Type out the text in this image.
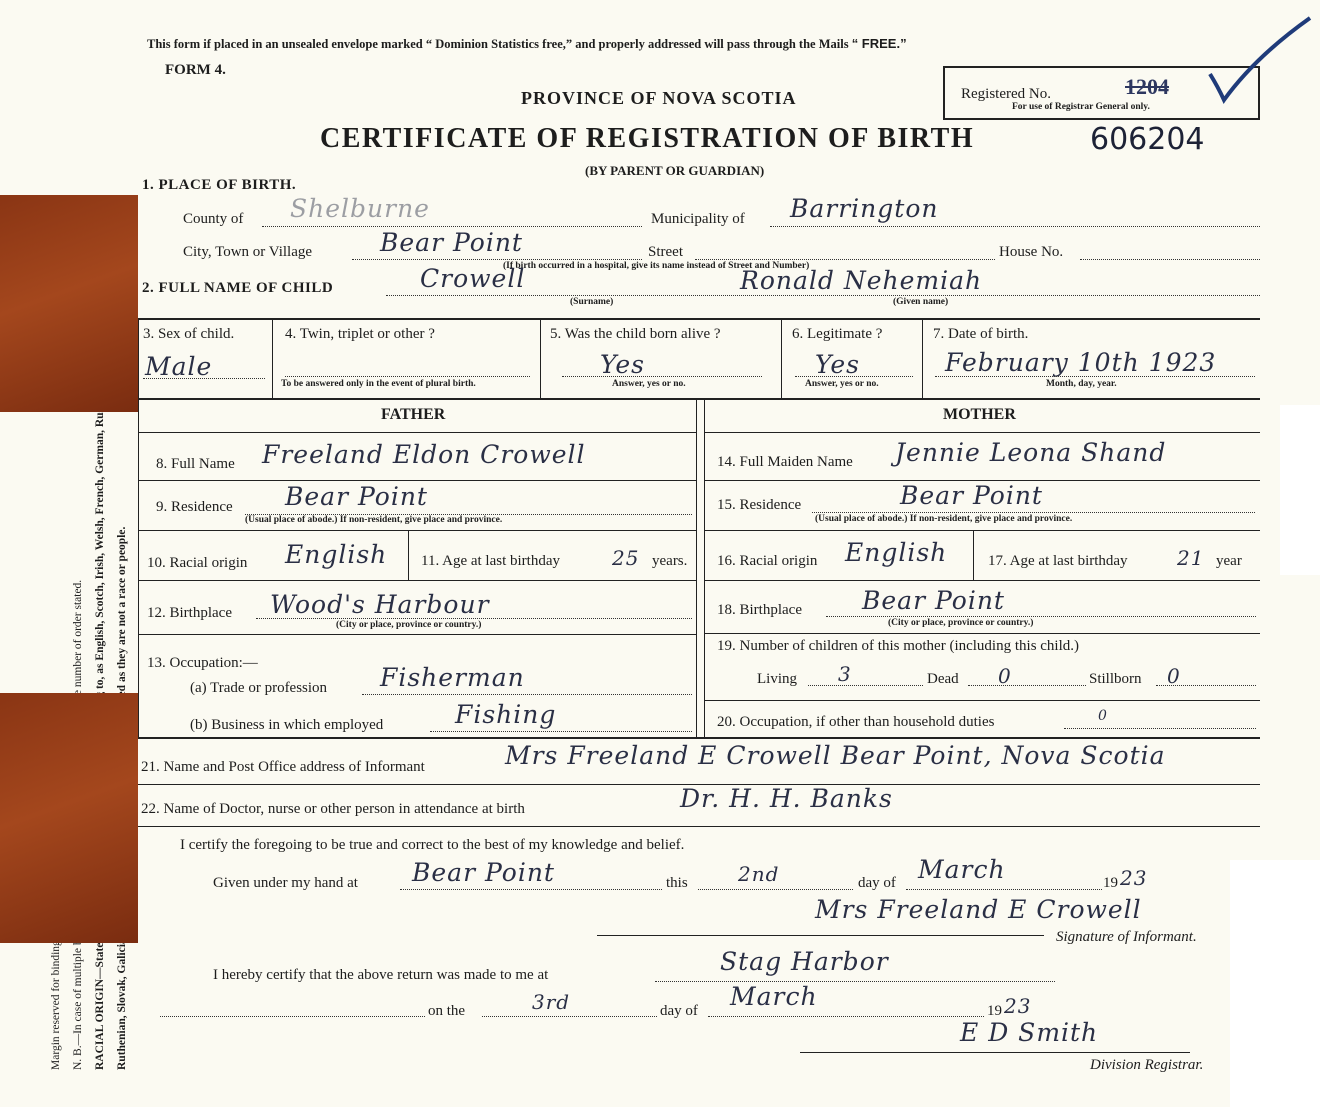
This form if placed in an unsealed envelope marked “ Dominion Statistics free,” and properly addressed will pass through the Mails “ FREE.”
FORM 4.
PROVINCE OF NOVA SCOTIA
CERTIFICATE OF REGISTRATION OF BIRTH	606204
(BY PARENT OR GUARDIAN)
Registered No.	1204
For use of Registrar General only.
1. PLACE OF BIRTH.
County of Shelburne	Municipality of Barrington
City, Town or Village	Bear Point	Street	House No.
(If birth occurred in a hospital, give its name instead of Street and Number)
2. FULL NAME OF CHILD	Crowell
(Surname)
Ronald Nehemiah
(Given name)
3. Sex of child.
Male
4. Twin, triplet or other ?
To be answered only in the event of plural birth.
5. Was the child born alive ?
Yes
Answer, yes or no.
6. Legitimate ?
Yes
Answer, yes or no.
7. Date of birth.
February 10th 1923
Month, day, year.
FATHER	MOTHER
8. Full Name Freeland Eldon Crowell
9. Residence Bear Point
(Usual place of abode.) If non-resident, give place and province.
10. Racial origin English 11. Age at last birthday	25 years.
12. Birthplace Wood's Harbour
(City or place, province or country.)
13. Occupation:—
(a) Trade or profession Fisherman
(b) Business in which employed	Fishing
14. Full Maiden Name Jennie Leona Shand
15. Residence	Bear Point
(Usual place of abode.) If non-resident, give place and province.
16. Racial origin English	17. Age at last birthday 21 year
18. Birthplace Bear Point
(City or place, province or country.)
19. Number of children of this mother (including this child.)
Living 3	Dead 0	Stillborn 0
20. Occupation, if other than household duties	0
21. Name and Post Office address of Informant	Mrs Freeland E Crowell Bear Point, Nova Scotia
22. Name of Doctor, nurse or other person in attendance at birth	Dr. H. H. Banks
I certify the foregoing to be true and correct to the best of my knowledge and belief.
Given under my hand at Bear Point	this	2nd	day of March	19 23
Mrs Freeland E Crowell
Signature of Informant.
I hereby certify that the above return was made to me at	Stag Harbor
on the	3rd	day of March	19 23
E D Smith
Division Registrar.
